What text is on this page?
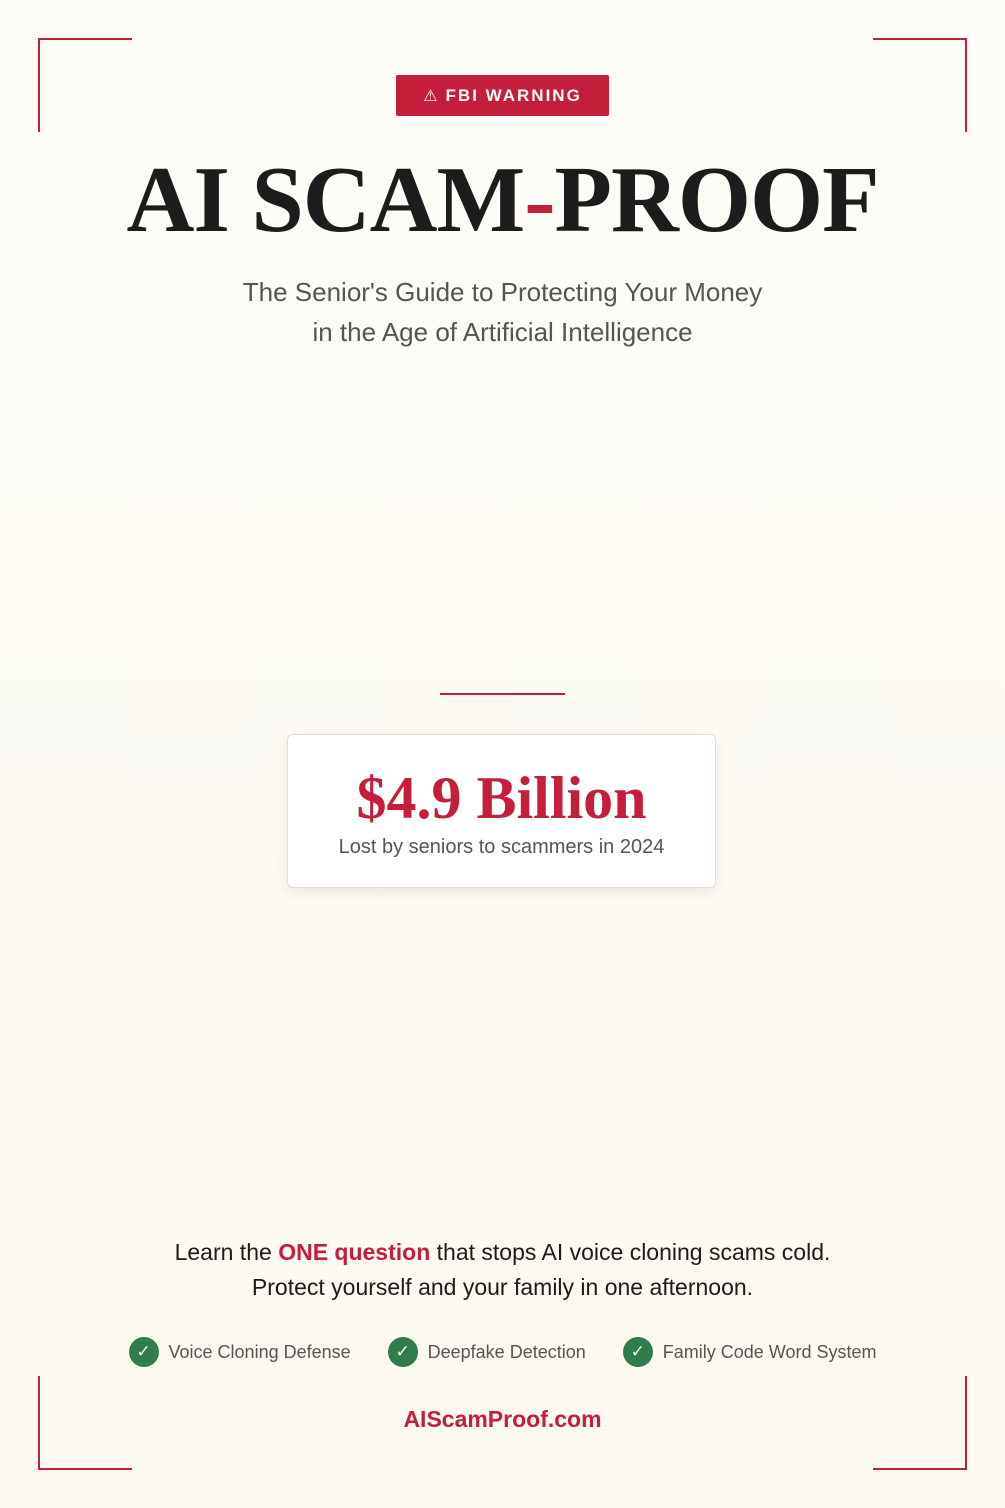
⚠ FBI WARNING
AI SCAM-PROOF
The Senior's Guide to Protecting Your Money
in the Age of Artificial Intelligence
$4.9 Billion
Lost by seniors to scammers in 2024
Learn the ONE question that stops AI voice cloning scams cold.
Protect yourself and your family in one afternoon.
✓ Voice Cloning Defense	✓ Deepfake Detection	✓ Family Code Word System
AIScamProof.com
